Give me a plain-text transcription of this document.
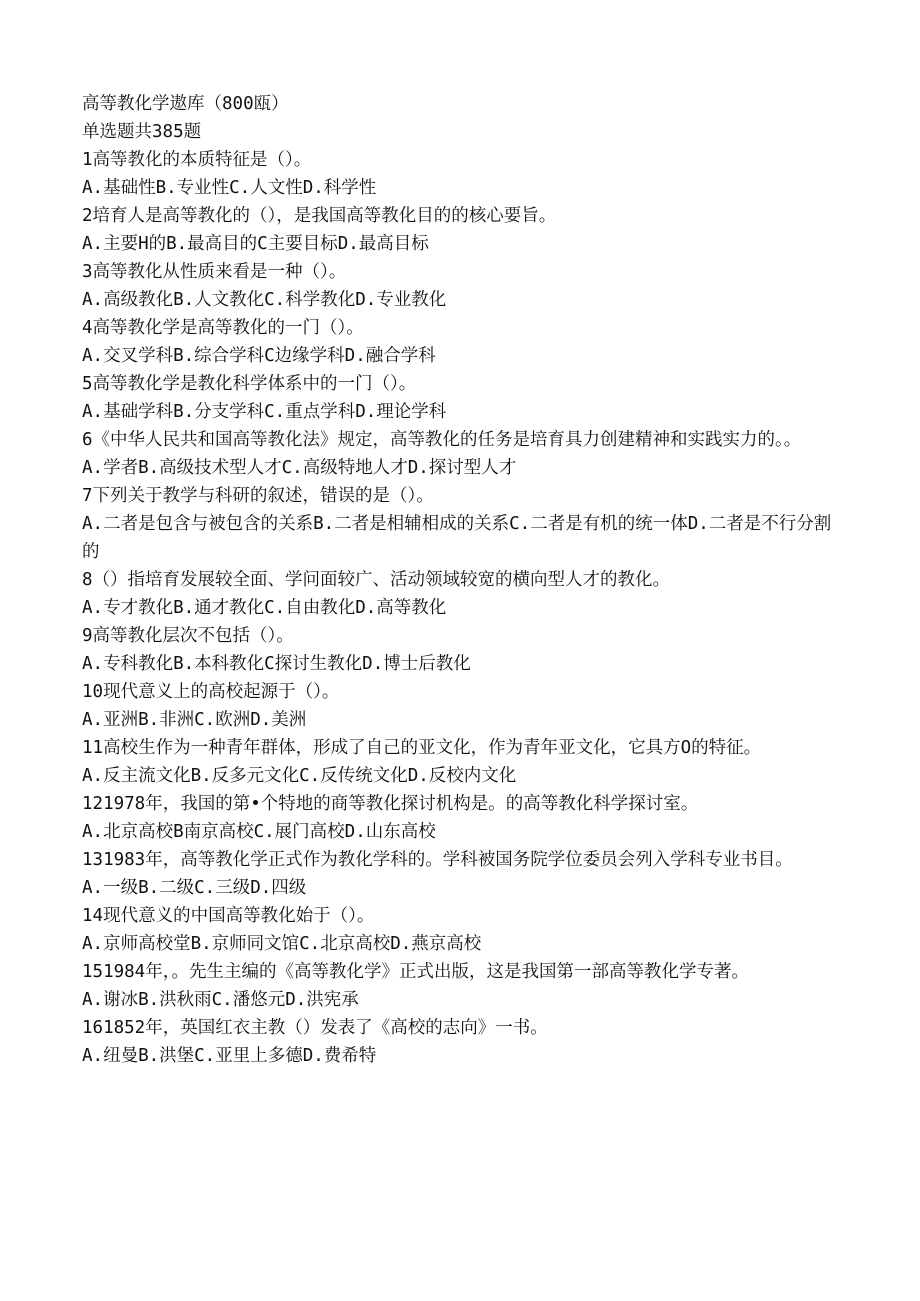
高等教化学遨库（800瓯）

单选题共385题

1高等教化的本质特征是（）。

A.基础性B.专业性C.人文性D.科学性

2培育人是高等教化的（），是我国高等教化目的的核心要旨。

A.主要H的B.最高目的C主要目标D.最高目标

3高等教化从性质来看是一种（）。

A.高级教化B.人文教化C.科学教化D.专业教化

4高等教化学是高等教化的一门（）。

A.交叉学科B.综合学科C边缘学科D.融合学科

5高等教化学是教化科学体系中的一门（）。

A.基础学科B.分支学科C.重点学科D.理论学科

6《中华人民共和国高等教化法》规定，高等教化的任务是培育具力创建精神和实践实力的。。

A.学者B.高级技术型人才C.高级特地人才D.探讨型人才

7下列关于教学与科研的叙述，错误的是（）。

A.二者是包含与被包含的关系B.二者是相辅相成的关系C.二者是有机的统一体D.二者是不行分割的

8（）指培育发展较全面、学问面较广、活动领域较宽的横向型人才的教化。

A.专才教化B.通才教化C.自由教化D.高等教化

9高等教化层次不包括（）。

A.专科教化B.本科教化C探讨生教化D.博士后教化

10现代意义上的高校起源于（）。

A.亚洲B.非洲C.欧洲D.美洲

11高校生作为一种青年群体，形成了自己的亚文化，作为青年亚文化，它具方O的特征。

A.反主流文化B.反多元文化C.反传统文化D.反校内文化

121978年，我国的第•个特地的商等教化探讨机构是。的高等教化科学探讨室。

A.北京高校B南京高校C.展门高校D.山东高校

131983年，高等教化学正式作为教化学科的。学科被国务院学位委员会列入学科专业书目。

A.一级B.二级C.三级D.四级

14现代意义的中国高等教化始于（）。

A.京师高校堂B.京师同文馆C.北京高校D.燕京高校

151984年，。先生主编的《高等教化学》正式出版，这是我国第一部高等教化学专著。

A.谢冰B.洪秋雨C.潘悠元D.洪宪承

161852年，英国红衣主教（）发表了《高校的志向》一书。

A.纽曼B.洪堡C.亚里上多德D.费希特
